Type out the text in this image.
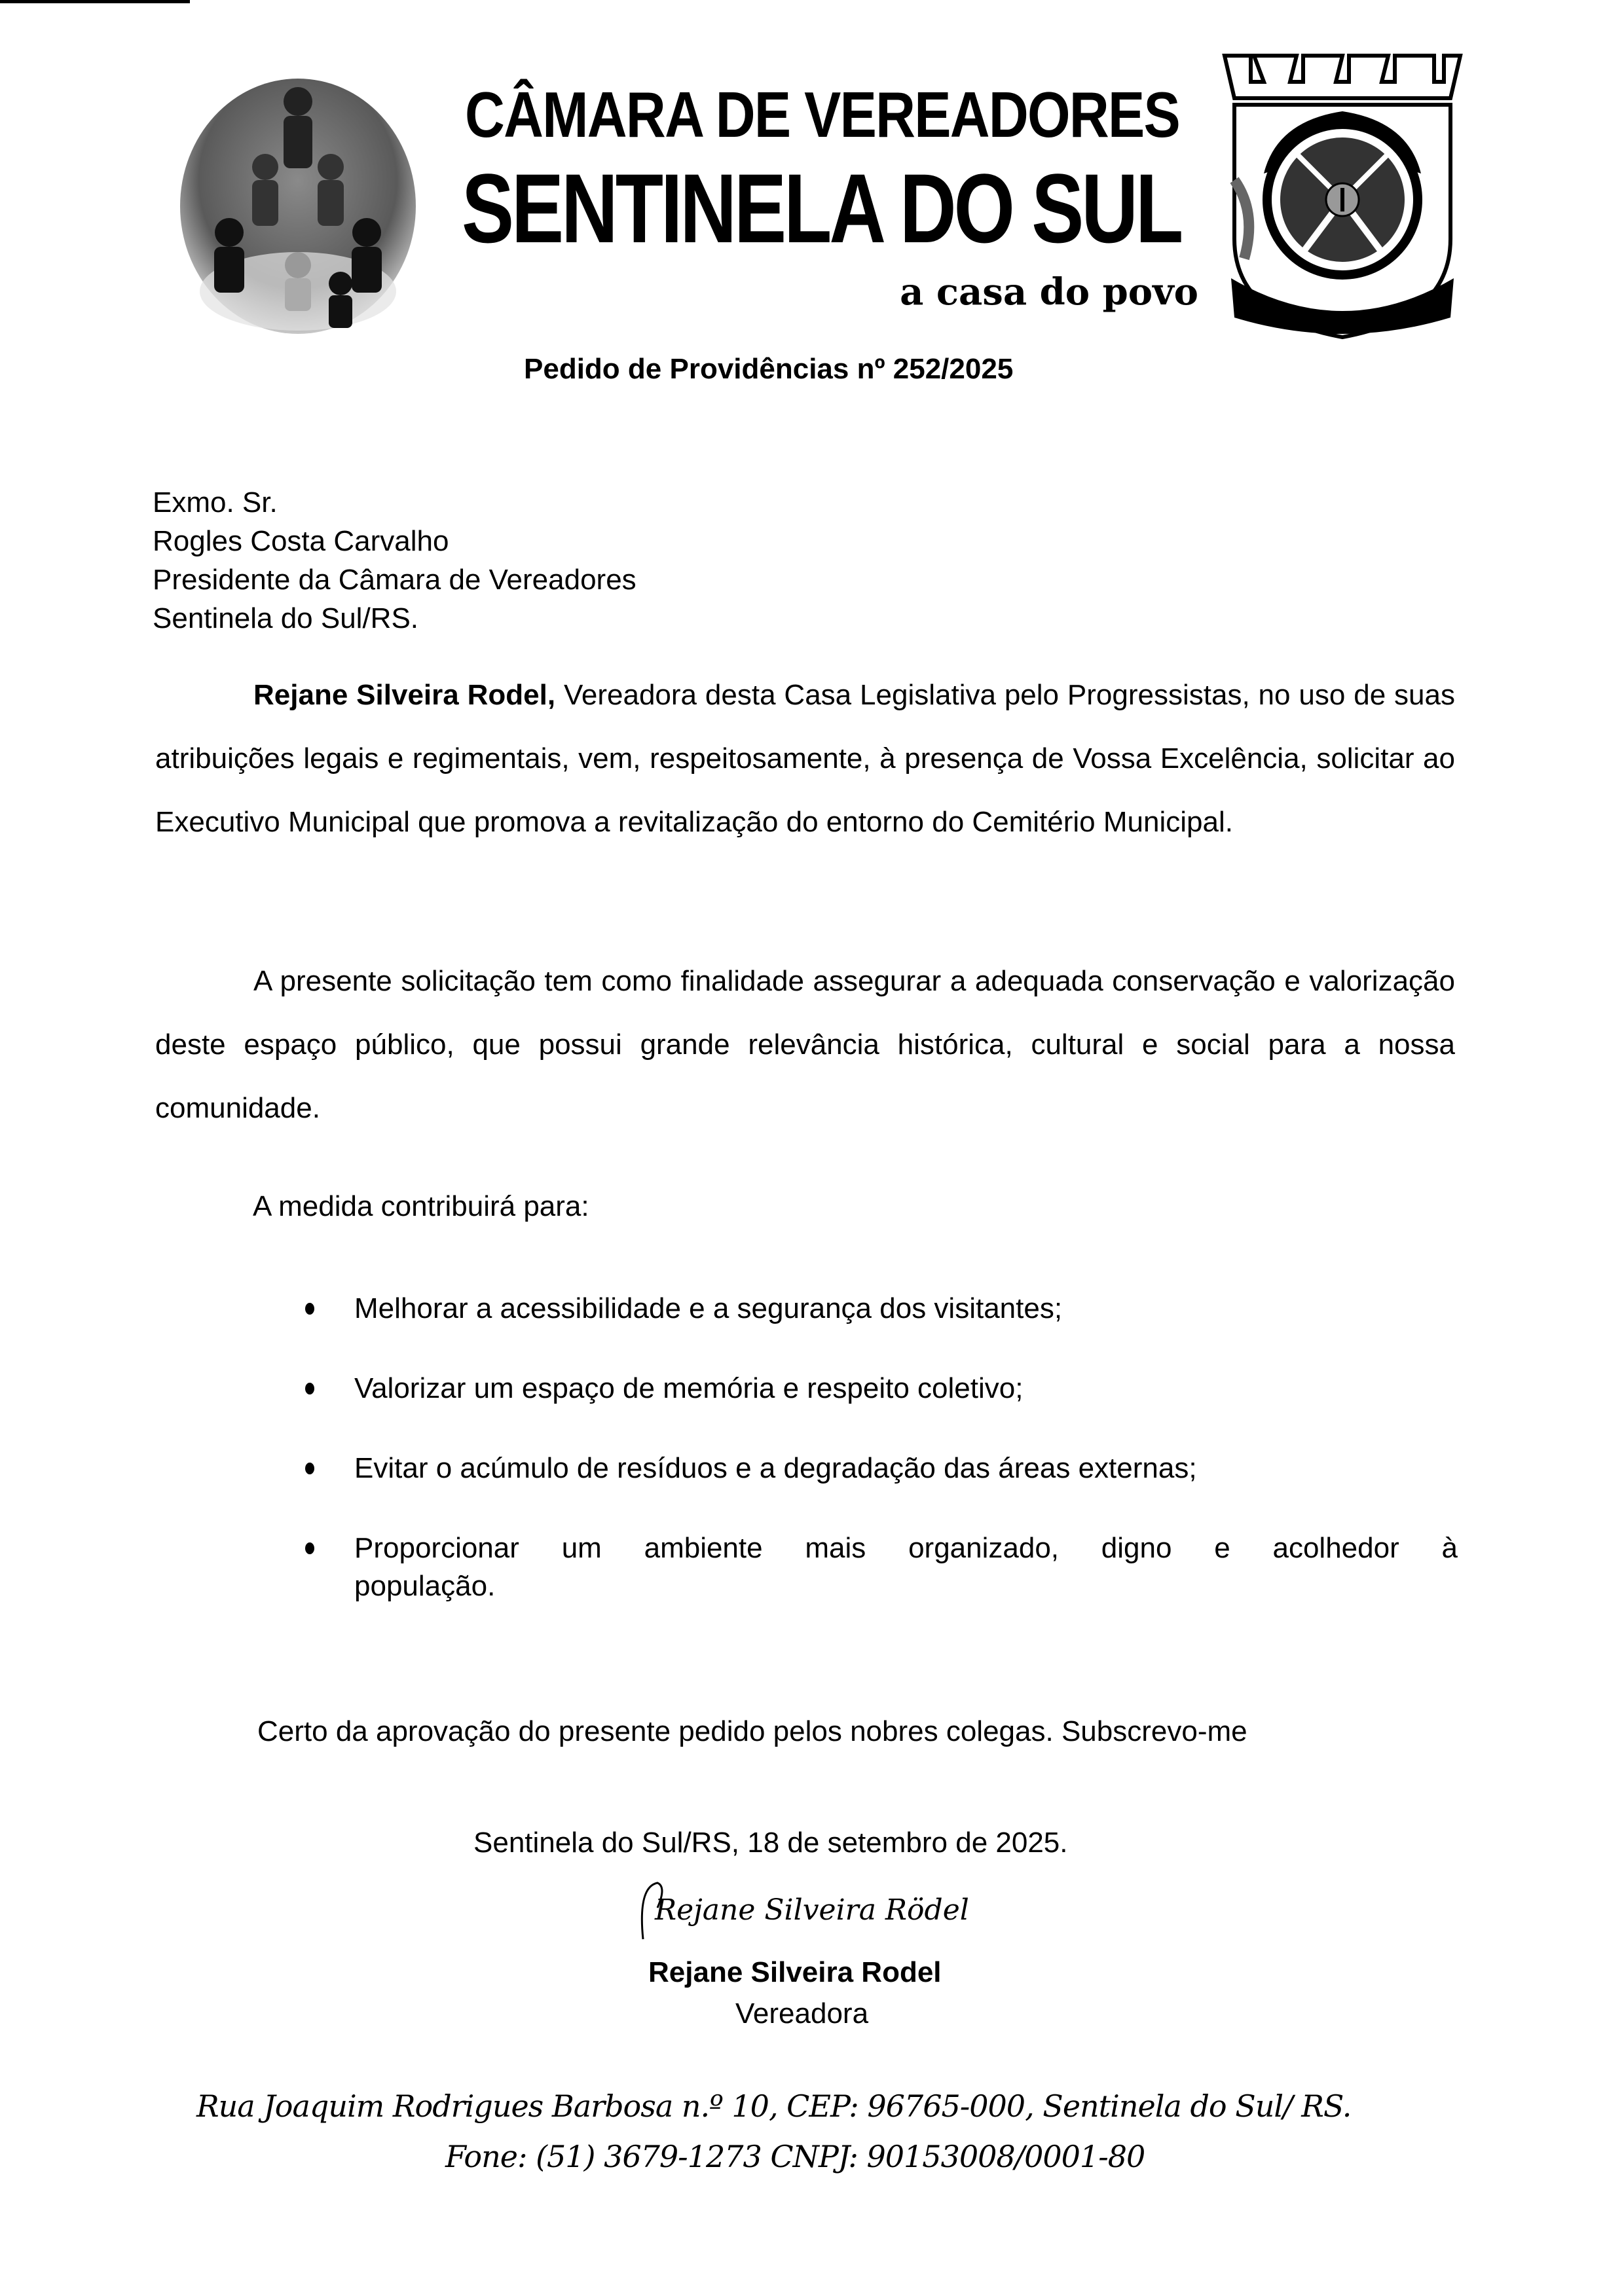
CÂMARA DE VEREADORES
SENTINELA DO SUL
a casa do povo
Pedido de Providências nº 252/2025
Exmo. Sr.
Rogles Costa Carvalho
Presidente da Câmara de Vereadores
Sentinela do Sul/RS.
Rejane Silveira Rodel, Vereadora desta Casa Legislativa pelo Progressistas, no uso de suas atribuições legais e regimentais, vem, respeitosamente, à presença de Vossa Excelência, solicitar ao Executivo Municipal que promova a revitalização do entorno do Cemitério Municipal.
A presente solicitação tem como finalidade assegurar a adequada conservação e valorização deste espaço público, que possui grande relevância histórica, cultural e social para a nossa comunidade.
A medida contribuirá para:
Melhorar a acessibilidade e a segurança dos visitantes;
Valorizar um espaço de memória e respeito coletivo;
Evitar o acúmulo de resíduos e a degradação das áreas externas;
Proporcionar um ambiente mais organizado, digno e acolhedor à
população.
Certo da aprovação do presente pedido pelos nobres colegas. Subscrevo-me
Sentinela do Sul/RS, 18 de setembro de 2025.
Rejane Silveira Rödel
Rejane Silveira Rodel
Vereadora
Rua Joaquim Rodrigues Barbosa n.º 10, CEP: 96765-000, Sentinela do Sul/ RS.
Fone: (51) 3679-1273 CNPJ: 90153008/0001-80
